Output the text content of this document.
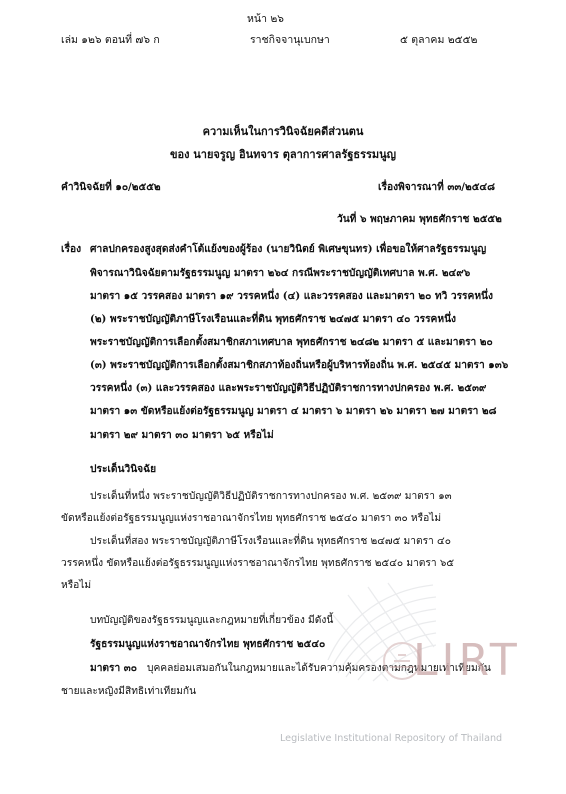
หน้า ๒๖
เล่ม ๑๒๖ ตอนที่ ๗๖ ก	ราชกิจจานุเบกษา	๕ ตุลาคม ๒๕๕๒
ความเห็นในการวินิจฉัยคดีส่วนตน
ของ นายจรูญ อินทจาร ตุลาการศาลรัฐธรรมนูญ
คำวินิจฉัยที่ ๑๐/๒๕๕๒	เรื่องพิจารณาที่ ๓๓/๒๕๔๘
วันที่ ๖ พฤษภาคม พุทธศักราช ๒๕๕๒
เรื่อง ศาลปกครองสูงสุดส่งคำโต้แย้งของผู้ร้อง (นายวินิตย์ พิเศษขุนทร) เพื่อขอให้ศาลรัฐธรรมนูญ
พิจารณาวินิจฉัยตามรัฐธรรมนูญ มาตรา ๒๖๔ กรณีพระราชบัญญัติเทศบาล พ.ศ. ๒๔๙๖
มาตรา ๑๕ วรรคสอง มาตรา ๑๙ วรรคหนึ่ง (๔) และวรรคสอง และมาตรา ๒๐ ทวิ วรรคหนึ่ง
(๒) พระราชบัญญัติภาษีโรงเรือนและที่ดิน พุทธศักราช ๒๔๗๕ มาตรา ๔๐ วรรคหนึ่ง
พระราชบัญญัติการเลือกตั้งสมาชิกสภาเทศบาล พุทธศักราช ๒๔๘๒ มาตรา ๕ และมาตรา ๒๐
(๓) พระราชบัญญัติการเลือกตั้งสมาชิกสภาท้องถิ่นหรือผู้บริหารท้องถิ่น พ.ศ. ๒๕๔๕ มาตรา ๑๓๖
วรรคหนึ่ง (๓) และวรรคสอง และพระราชบัญญัติวิธีปฏิบัติราชการทางปกครอง พ.ศ. ๒๕๓๙
มาตรา ๑๓ ขัดหรือแย้งต่อรัฐธรรมนูญ มาตรา ๔ มาตรา ๖ มาตรา ๒๖ มาตรา ๒๗ มาตรา ๒๘
มาตรา ๒๙ มาตรา ๓๐ มาตรา ๖๕ หรือไม่
ประเด็นวินิจฉัย
ประเด็นที่หนึ่ง พระราชบัญญัติวิธีปฏิบัติราชการทางปกครอง พ.ศ. ๒๕๓๙ มาตรา ๑๓
ขัดหรือแย้งต่อรัฐธรรมนูญแห่งราชอาณาจักรไทย พุทธศักราช ๒๕๔๐ มาตรา ๓๐ หรือไม่
ประเด็นที่สอง พระราชบัญญัติภาษีโรงเรือนและที่ดิน พุทธศักราช ๒๔๗๕ มาตรา ๔๐
วรรคหนึ่ง ขัดหรือแย้งต่อรัฐธรรมนูญแห่งราชอาณาจักรไทย พุทธศักราช ๒๕๔๐ มาตรา ๖๕
หรือไม่
บทบัญญัติของรัฐธรรมนูญและกฎหมายที่เกี่ยวข้อง มีดังนี้
รัฐธรรมนูญแห่งราชอาณาจักรไทย พุทธศักราช ๒๕๔๐
มาตรา ๓๐ บุคคลย่อมเสมอกันในกฎหมายและได้รับความคุ้มครองตามกฎหมายเท่าเทียมกัน
ชายและหญิงมีสิทธิเท่าเทียมกัน
LIRT
Legislative Institutional Repository of Thailand
